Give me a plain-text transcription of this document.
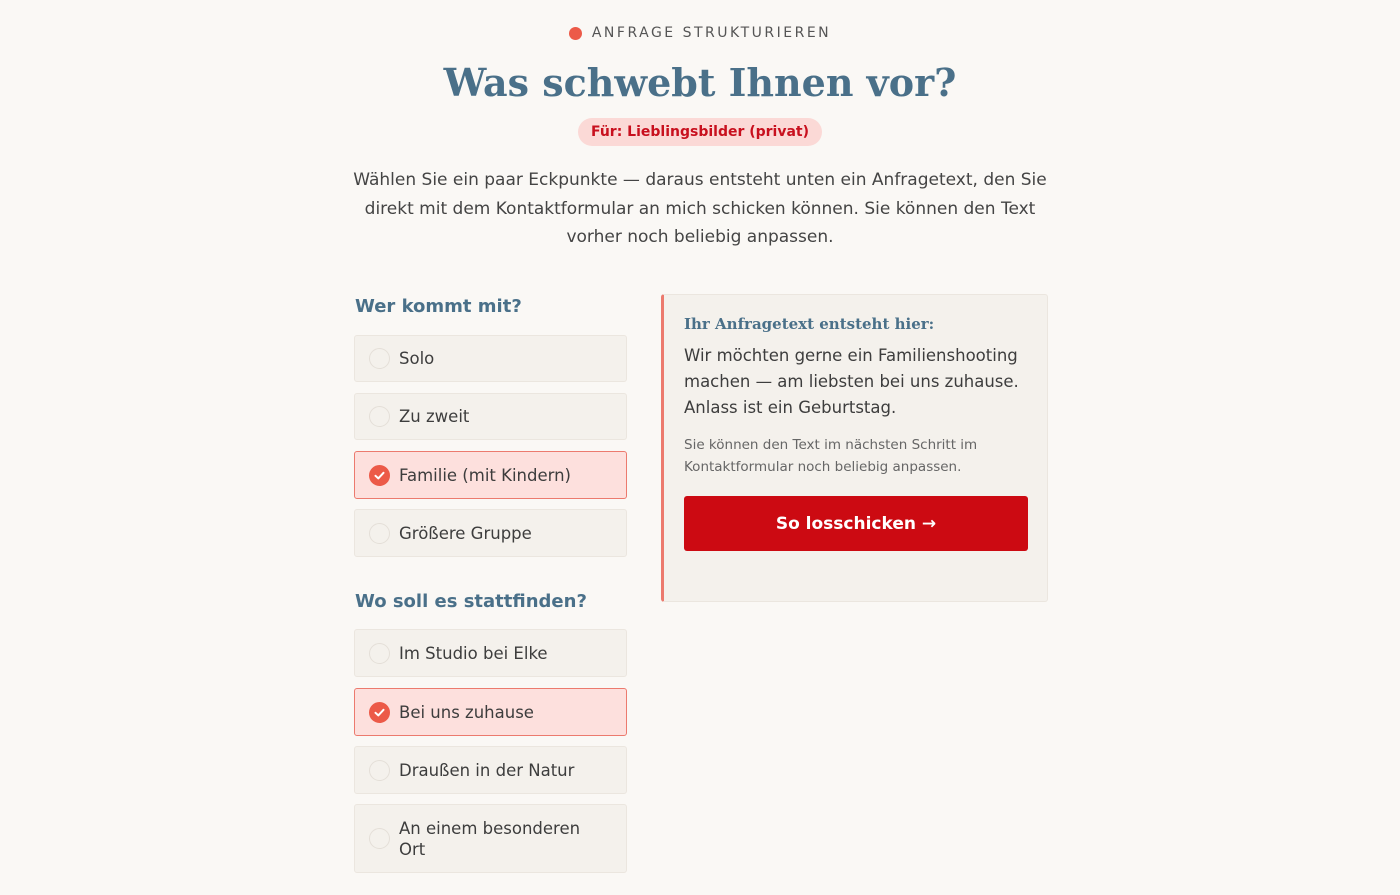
ANFRAGE STRUKTURIEREN
Was schwebt Ihnen vor?
Für: Lieblingsbilder (privat)

Wählen Sie ein paar Eckpunkte — daraus entsteht unten ein Anfragetext, den Sie direkt mit dem Kontaktformular an mich schicken können. Sie können den Text vorher noch beliebig anpassen.

Wer kommt mit?
Solo
Zu zweit
Familie (mit Kindern)
Größere Gruppe
Wo soll es stattfinden?
Im Studio bei Elke
Bei uns zuhause
Draußen in der Natur
An einem besonderen Ort
Ihr Anfragetext entsteht hier:

Wir möchten gerne ein Familienshooting machen — am liebsten bei uns zuhause. Anlass ist ein Geburtstag.

Sie können den Text im nächsten Schritt im Kontaktformular noch beliebig anpassen.

So losschicken →
